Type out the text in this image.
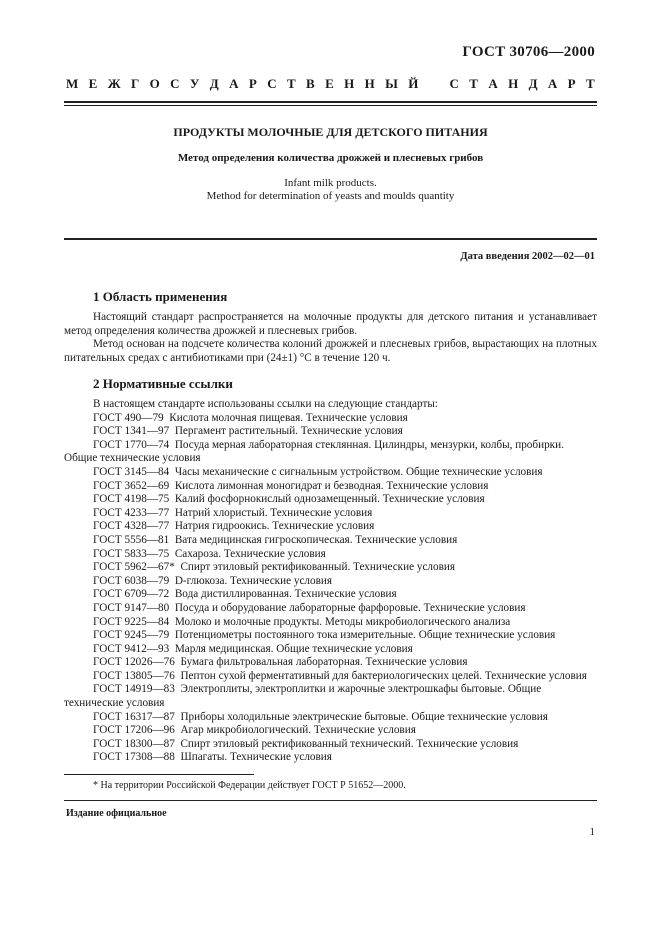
ГОСТ 30706—2000
М Е Ж Г О С У Д А Р С Т В Е Н Н Ы Й С Т А Н Д А Р Т
ПРОДУКТЫ МОЛОЧНЫЕ ДЛЯ ДЕТСКОГО ПИТАНИЯ
Метод определения количества дрожжей и плесневых грибов
Infant milk products.
Method for determination of yeasts and moulds quantity
Дата введения 2002—02—01
1 Область применения

Настоящий стандарт распространяется на молочные продукты для детского питания и устанавливает метод определения количества дрожжей и плесневых грибов.

Метод основан на подсчете количества колоний дрожжей и плесневых грибов, вырастающих на плотных питательных средах с антибиотиками при (24±1) °С в течение 120 ч.

2 Нормативные ссылки
В настоящем стандарте использованы ссылки на следующие стандарты:
ГОСТ 490—79 Кислота молочная пищевая. Технические условия
ГОСТ 1341—97 Пергамент растительный. Технические условия
ГОСТ 1770—74 Посуда мерная лабораторная стеклянная. Цилиндры, мензурки, колбы, пробирки. Общие технические условия
ГОСТ 3145—84 Часы механические с сигнальным устройством. Общие технические условия
ГОСТ 3652—69 Кислота лимонная моногидрат и безводная. Технические условия
ГОСТ 4198—75 Калий фосфорнокислый однозамещенный. Технические условия
ГОСТ 4233—77 Натрий хлористый. Технические условия
ГОСТ 4328—77 Натрия гидроокись. Технические условия
ГОСТ 5556—81 Вата медицинская гигроскопическая. Технические условия
ГОСТ 5833—75 Сахароза. Технические условия
ГОСТ 5962—67* Спирт этиловый ректификованный. Технические условия
ГОСТ 6038—79 D-глюкоза. Технические условия
ГОСТ 6709—72 Вода дистиллированная. Технические условия
ГОСТ 9147—80 Посуда и оборудование лабораторные фарфоровые. Технические условия
ГОСТ 9225—84 Молоко и молочные продукты. Методы микробиологического анализа
ГОСТ 9245—79 Потенциометры постоянного тока измерительные. Общие технические условия
ГОСТ 9412—93 Марля медицинская. Общие технические условия
ГОСТ 12026—76 Бумага фильтровальная лабораторная. Технические условия
ГОСТ 13805—76 Пептон сухой ферментативный для бактериологических целей. Технические условия
ГОСТ 14919—83 Электроплиты, электроплитки и жарочные электрошкафы бытовые. Общие технические условия
ГОСТ 16317—87 Приборы холодильные электрические бытовые. Общие технические условия
ГОСТ 17206—96 Агар микробиологический. Технические условия
ГОСТ 18300—87 Спирт этиловый ректификованный технический. Технические условия
ГОСТ 17308—88 Шпагаты. Технические условия
* На территории Российской Федерации действует ГОСТ Р 51652—2000.
Издание официальное
1
